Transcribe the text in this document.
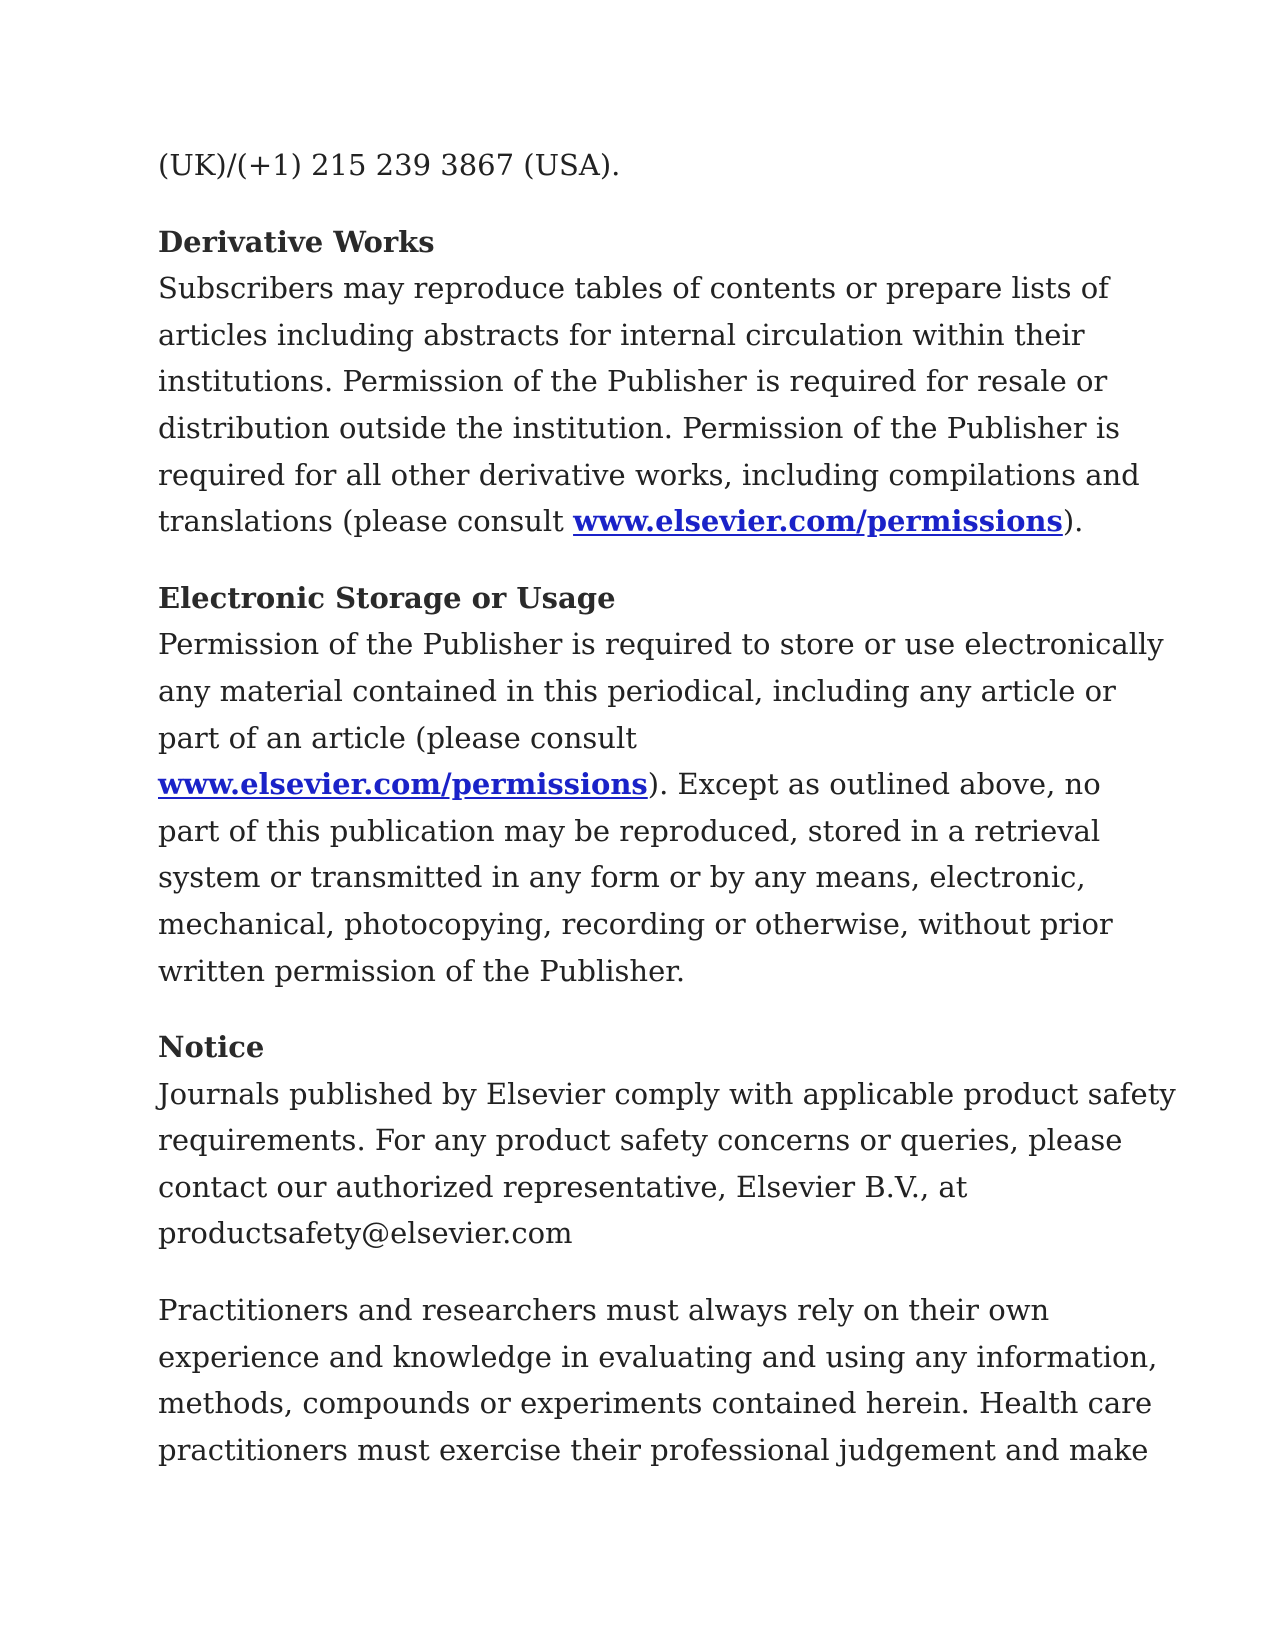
(UK)/(+1) 215 239 3867 (USA).
Derivative Works
Subscribers may reproduce tables of contents or prepare lists of
articles including abstracts for internal circulation within their
institutions. Permission of the Publisher is required for resale or
distribution outside the institution. Permission of the Publisher is
required for all other derivative works, including compilations and
translations (please consult www.elsevier.com/permissions).
Electronic Storage or Usage
Permission of the Publisher is required to store or use electronically
any material contained in this periodical, including any article or
part of an article (please consult
www.elsevier.com/permissions). Except as outlined above, no
part of this publication may be reproduced, stored in a retrieval
system or transmitted in any form or by any means, electronic,
mechanical, photocopying, recording or otherwise, without prior
written permission of the Publisher.
Notice
Journals published by Elsevier comply with applicable product safety
requirements. For any product safety concerns or queries, please
contact our authorized representative, Elsevier B.V., at
productsafety@elsevier.com
Practitioners and researchers must always rely on their own
experience and knowledge in evaluating and using any information,
methods, compounds or experiments contained herein. Health care
practitioners must exercise their professional judgement and make
